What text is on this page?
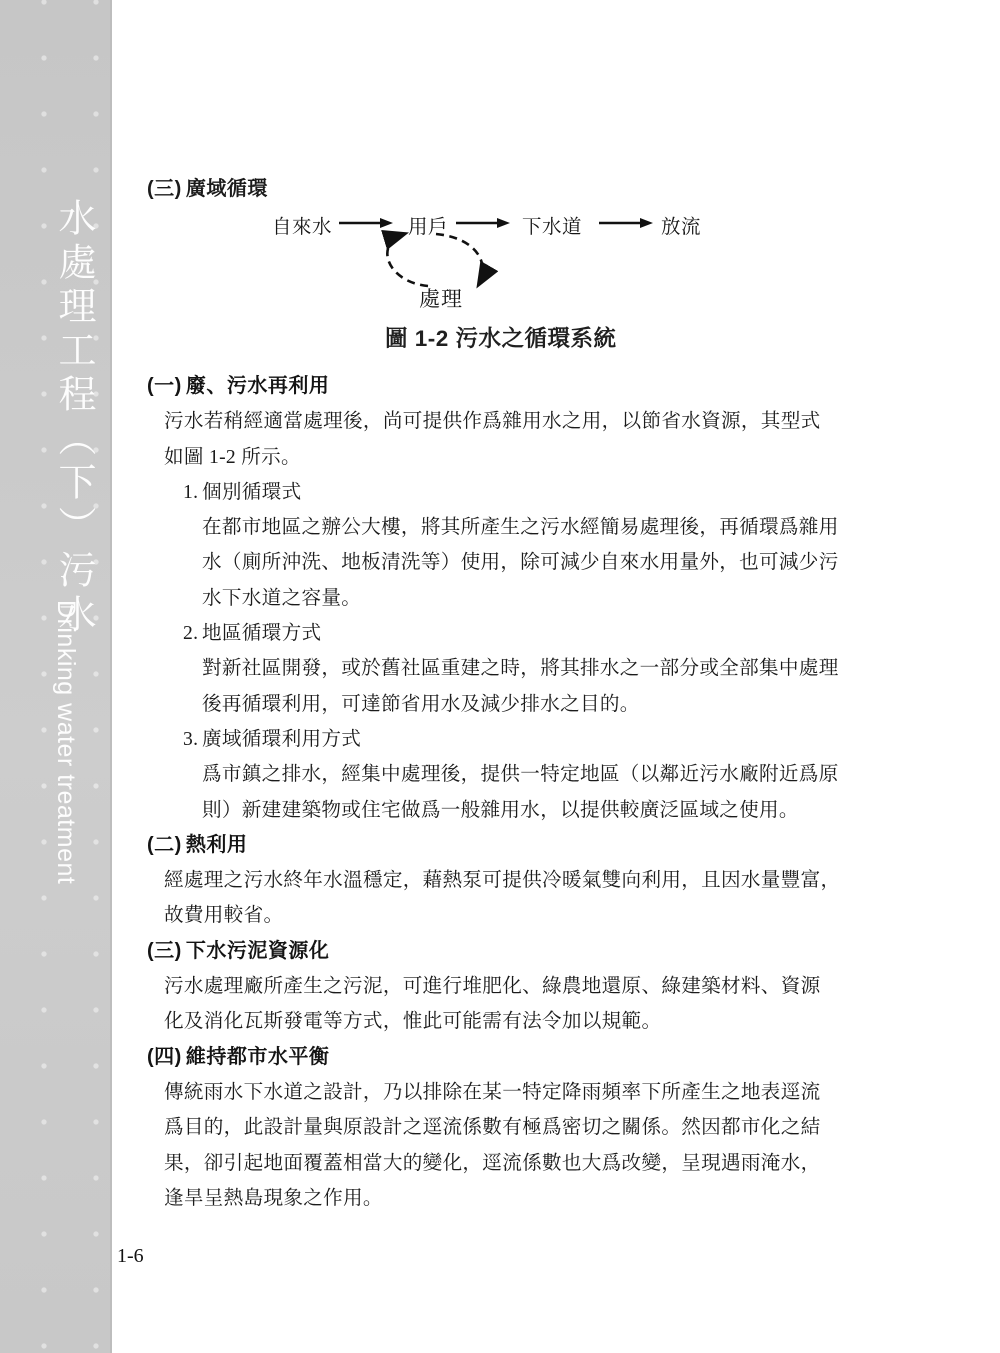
水處理工程（下）污水
Drinking water treatment
(三) 廣域循環
自來水	用戶	下水道	放流
處理
圖 1-2 污水之循環系統
(一) 廢、污水再利用
污水若稍經適當處理後，尚可提供作爲雜用水之用，以節省水資源，其型式
如圖 1-2 所示。
1. 個別循環式
在都市地區之辦公大樓，將其所產生之污水經簡易處理後，再循環爲雜用
水（廁所沖洗、地板清洗等）使用，除可減少自來水用量外，也可減少污
水下水道之容量。
2. 地區循環方式
對新社區開發，或於舊社區重建之時，將其排水之一部分或全部集中處理
後再循環利用，可達節省用水及減少排水之目的。
3. 廣域循環利用方式
爲市鎮之排水，經集中處理後，提供一特定地區（以鄰近污水廠附近爲原
則）新建建築物或住宅做爲一般雜用水，以提供較廣泛區域之使用。
(二) 熱利用
經處理之污水終年水溫穩定，藉熱泵可提供冷暖氣雙向利用，且因水量豐富，
故費用較省。
(三) 下水污泥資源化
污水處理廠所產生之污泥，可進行堆肥化、綠農地還原、綠建築材料、資源
化及消化瓦斯發電等方式，惟此可能需有法令加以規範。
(四) 維持都市水平衡
傳統雨水下水道之設計，乃以排除在某一特定降雨頻率下所產生之地表逕流
爲目的，此設計量與原設計之逕流係數有極爲密切之關係。然因都市化之結
果，卻引起地面覆蓋相當大的變化，逕流係數也大爲改變，呈現遇雨淹水，
逢旱呈熱島現象之作用。
1-6
